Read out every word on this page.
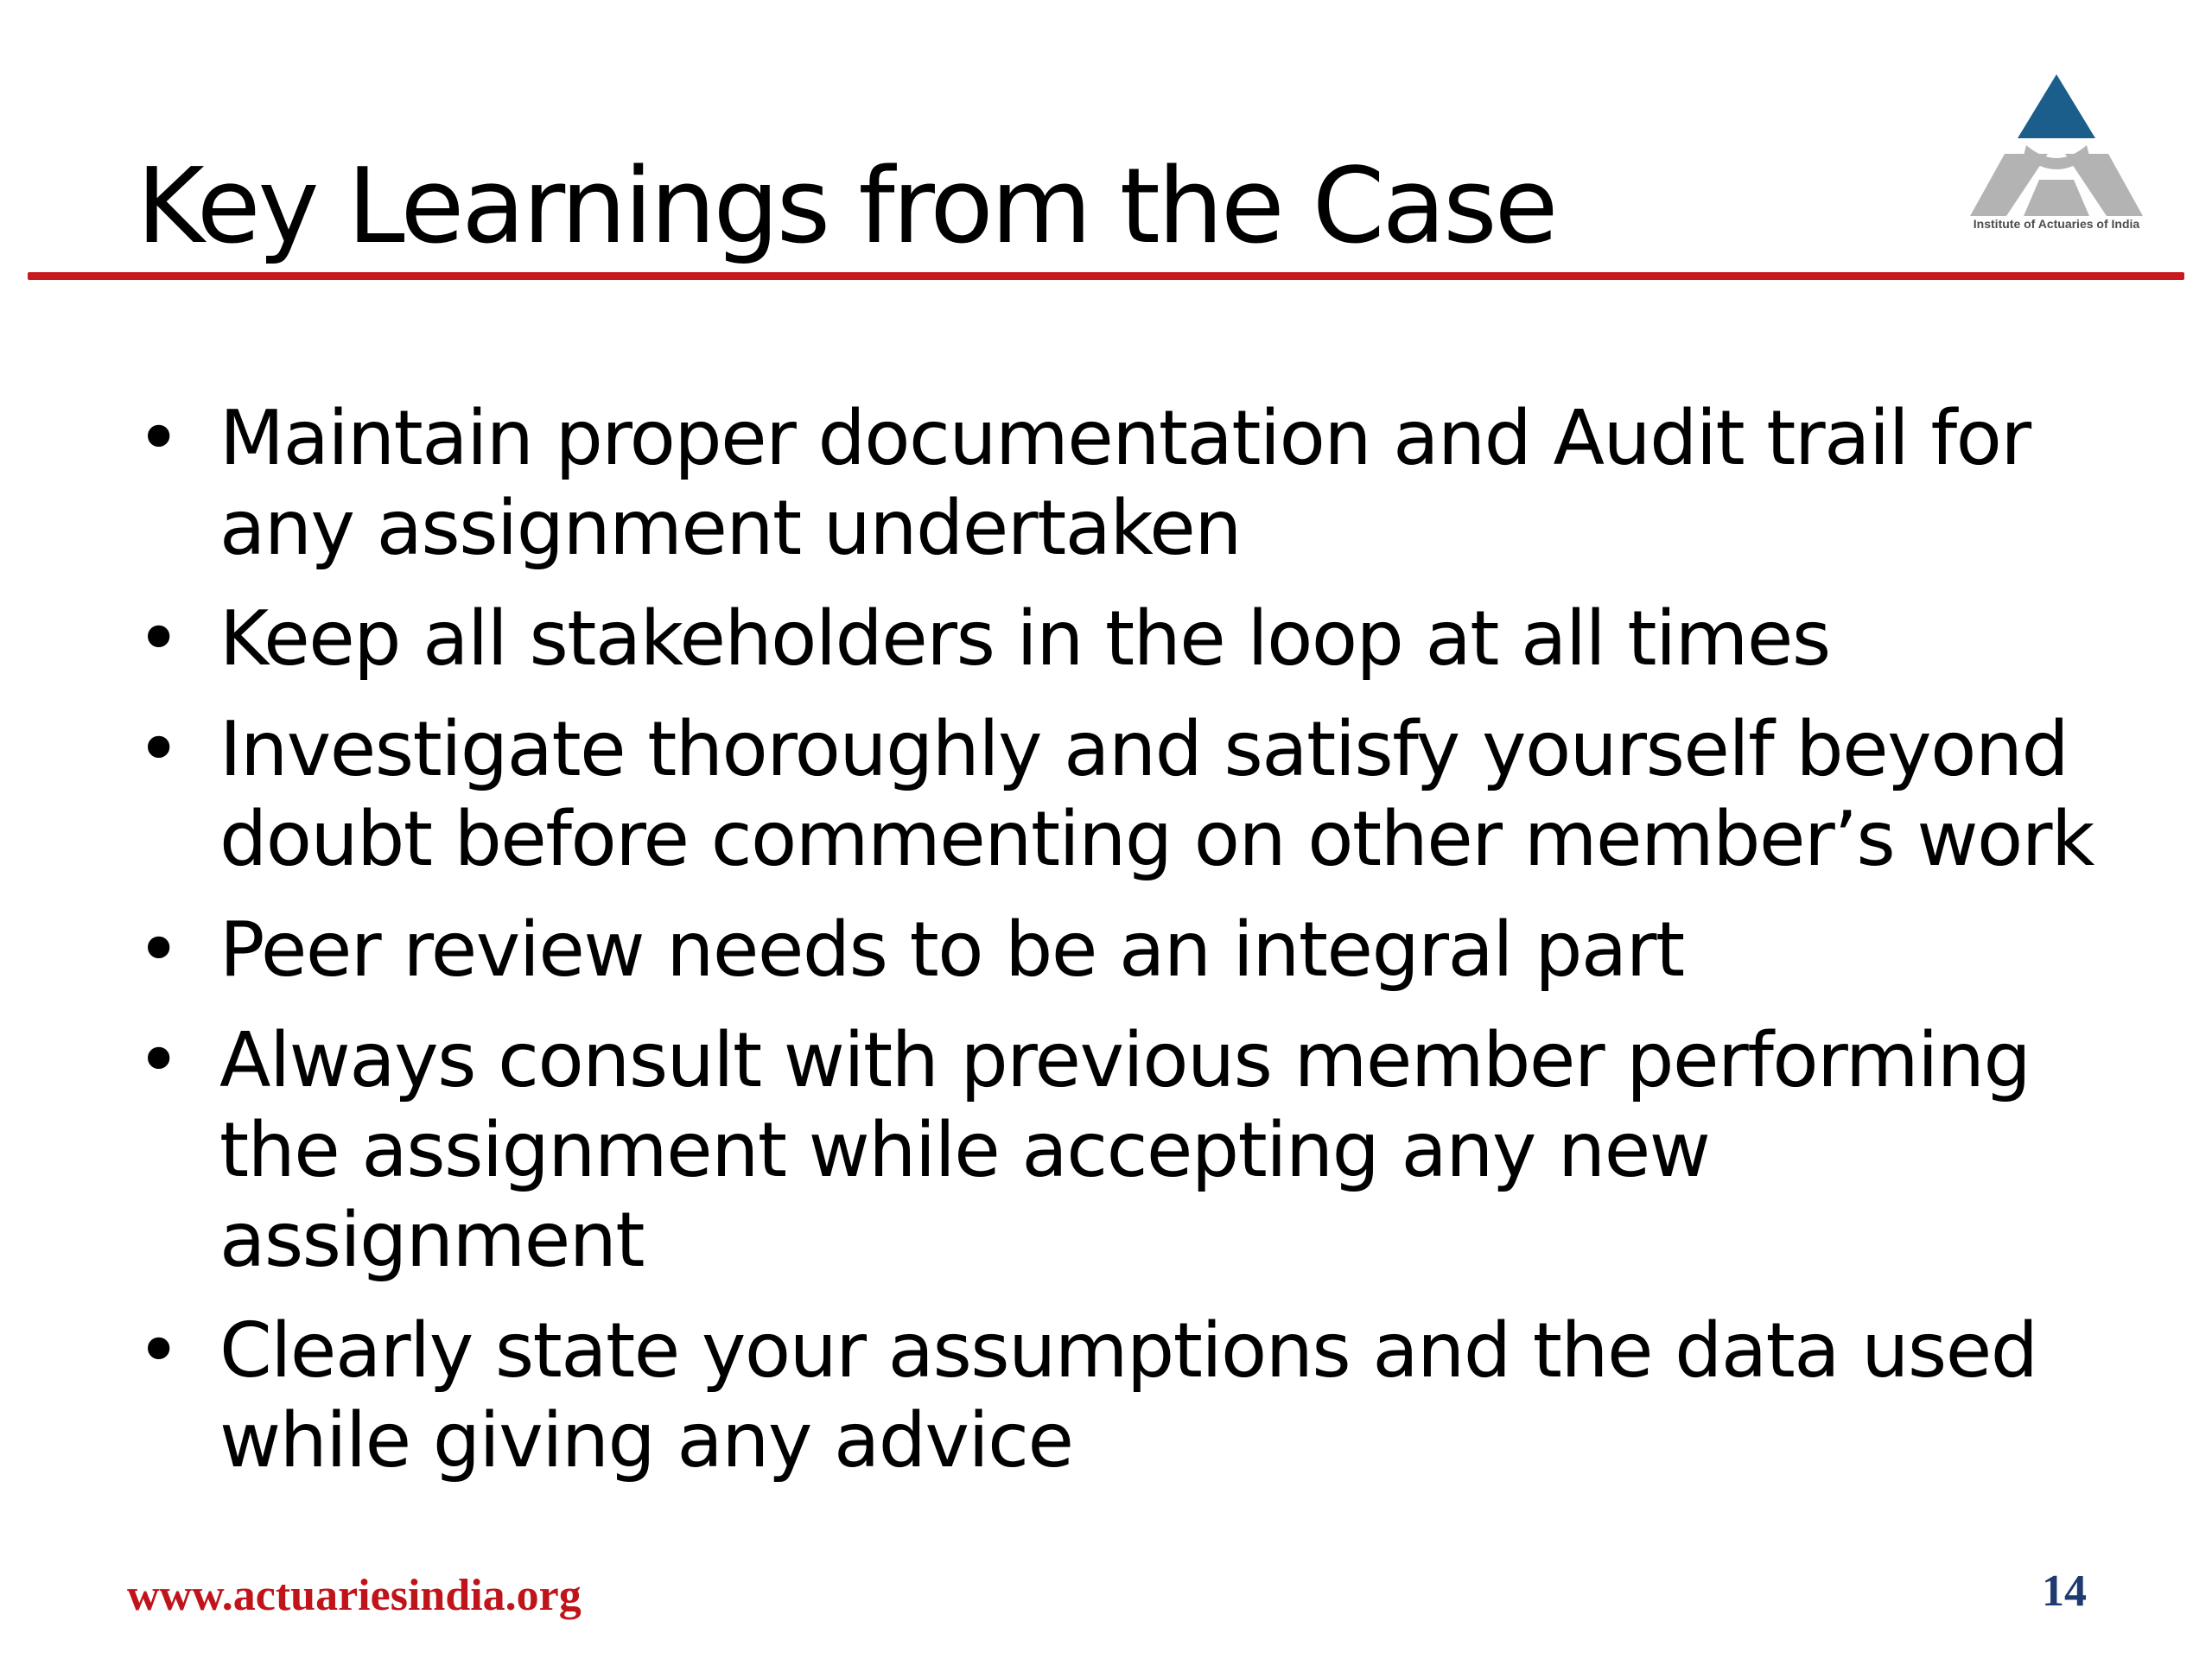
Key Learnings from the Case	Institute of Actuaries of India
• Maintain proper documentation and Audit trail for any assignment undertaken
• Keep all stakeholders in the loop at all times
• Investigate thoroughly and satisfy yourself beyond doubt before commenting on other member’s work
• Peer review needs to be an integral part
• Always consult with previous member performing the assignment while accepting any new assignment
• Clearly state your assumptions and the data used while giving any advice
www.actuariesindia.org	14
